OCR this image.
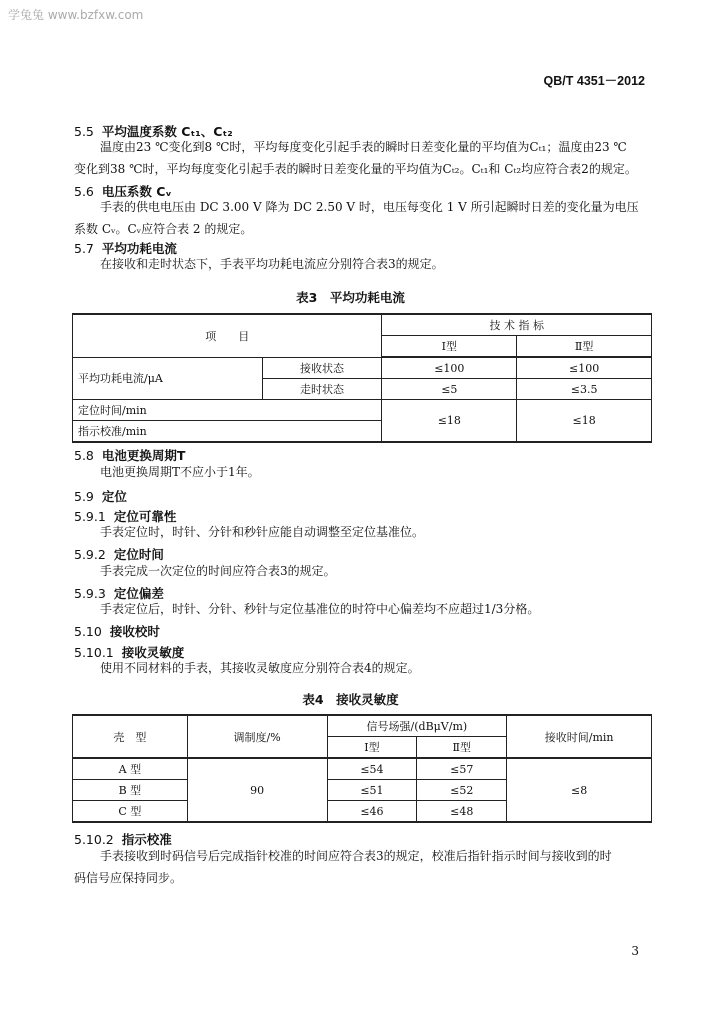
学兔兔 www.bzfxw.com
QB/T 4351－2012
5.5 平均温度系数 Cₜ₁、Cₜ₂
温度由23 ℃变化到8 ℃时，平均每度变化引起手表的瞬时日差变化量的平均值为Cₜ₁；温度由23 ℃
变化到38 ℃时，平均每度变化引起手表的瞬时日差变化量的平均值为Cₜ₂。Cₜ₁和 Cₜ₂均应符合表2的规定。
5.6 电压系数 Cᵥ
手表的供电电压由 DC 3.00 V 降为 DC 2.50 V 时，电压每变化 1 V 所引起瞬时日差的变化量为电压
系数 Cᵥ。Cᵥ应符合表 2 的规定。
5.7 平均功耗电流
在接收和走时状态下，手表平均功耗电流应分别符合表3的规定。
表3　平均功耗电流
项　　目		技 术 指 标	
		Ⅰ型	Ⅱ型
平均功耗电流/μA	接收状态	≤100	≤100
	走时状态	≤5	≤3.5
定位时间/min		≤18	≤18
指示校准/min			
5.8 电池更换周期T
电池更换周期T不应小于1年。
5.9 定位
5.9.1 定位可靠性
手表定位时，时针、分针和秒针应能自动调整至定位基准位。
5.9.2 定位时间
手表完成一次定位的时间应符合表3的规定。
5.9.3 定位偏差
手表定位后，时针、分针、秒针与定位基准位的时符中心偏差均不应超过1/3分格。
5.10 接收校时
5.10.1 接收灵敏度
使用不同材料的手表，其接收灵敏度应分别符合表4的规定。
表4　接收灵敏度
壳　型	调制度/%	信号场强/(dBμV/m)		接收时间/min
		Ⅰ型	Ⅱ型	
A 型	90	≤54	≤57	≤8
B 型		≤51	≤52	
C 型		≤46	≤48	
5.10.2 指示校准
手表接收到时码信号后完成指针校准的时间应符合表3的规定，校准后指针指示时间与接收到的时
码信号应保持同步。
3
